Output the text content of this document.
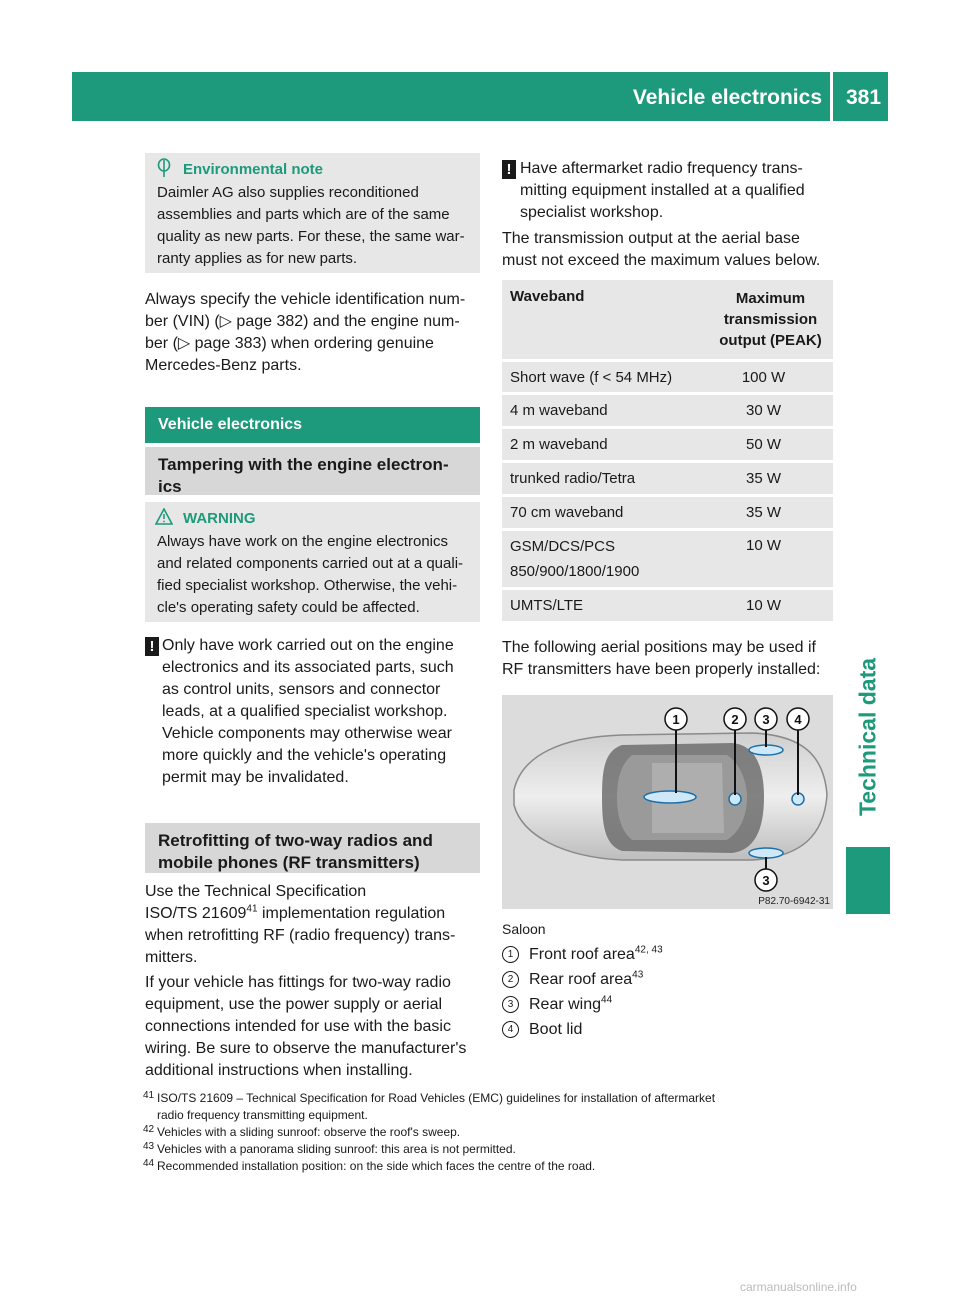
Vehicle electronics 381
Technical data
Environmental note
Daimler AG also supplies reconditioned
assemblies and parts which are of the same
quality as new parts. For these, the same war-
ranty applies as for new parts.
Always specify the vehicle identification num-
ber (VIN) (▷ page 382) and the engine num-
ber (▷ page 383) when ordering genuine
Mercedes-Benz parts.
Vehicle electronics
Tampering with the engine electron-
ics
WARNING
Always have work on the engine electronics
and related components carried out at a quali-
fied specialist workshop. Otherwise, the vehi-
cle's operating safety could be affected.
! Only have work carried out on the engine
electronics and its associated parts, such
as control units, sensors and connector
leads, at a qualified specialist workshop.
Vehicle components may otherwise wear
more quickly and the vehicle's operating
permit may be invalidated.
Retrofitting of two-way radios and
mobile phones (RF transmitters)
Use the Technical Specification
ISO/TS 21609$^{41}$ implementation regulation
when retrofitting RF (radio frequency) trans-
mitters.
If your vehicle has fittings for two-way radio
equipment, use the power supply or aerial
connections intended for use with the basic
wiring. Be sure to observe the manufacturer's
additional instructions when installing.
! Have aftermarket radio frequency trans-
mitting equipment installed at a qualified
specialist workshop.
The transmission output at the aerial base
must not exceed the maximum values below.
Waveband	Maximum transmission output (PEAK)
Short wave (f < 54 MHz)	100 W
4 m waveband	30 W
2 m waveband	50 W
trunked radio/Tetra	35 W
70 cm waveband	35 W
GSM/DCS/PCS 850/900/1800/1900	10 W
UMTS/LTE	10 W
The following aerial positions may be used if
RF transmitters have been properly installed:
1	2 3 4
3
P82.70-6942-31
Saloon
1 Front roof area$^{42, 43}$
2 Rear roof area$^{43}$
3 Rear wing$^{44}$
4 Boot lid
41 ISO/TS 21609 – Technical Specification for Road Vehicles (EMC) guidelines for installation of aftermarket
radio frequency transmitting equipment.
42 Vehicles with a sliding sunroof: observe the roof's sweep.
43 Vehicles with a panorama sliding sunroof: this area is not permitted.
44 Recommended installation position: on the side which faces the centre of the road.
carmanualsonline.info
